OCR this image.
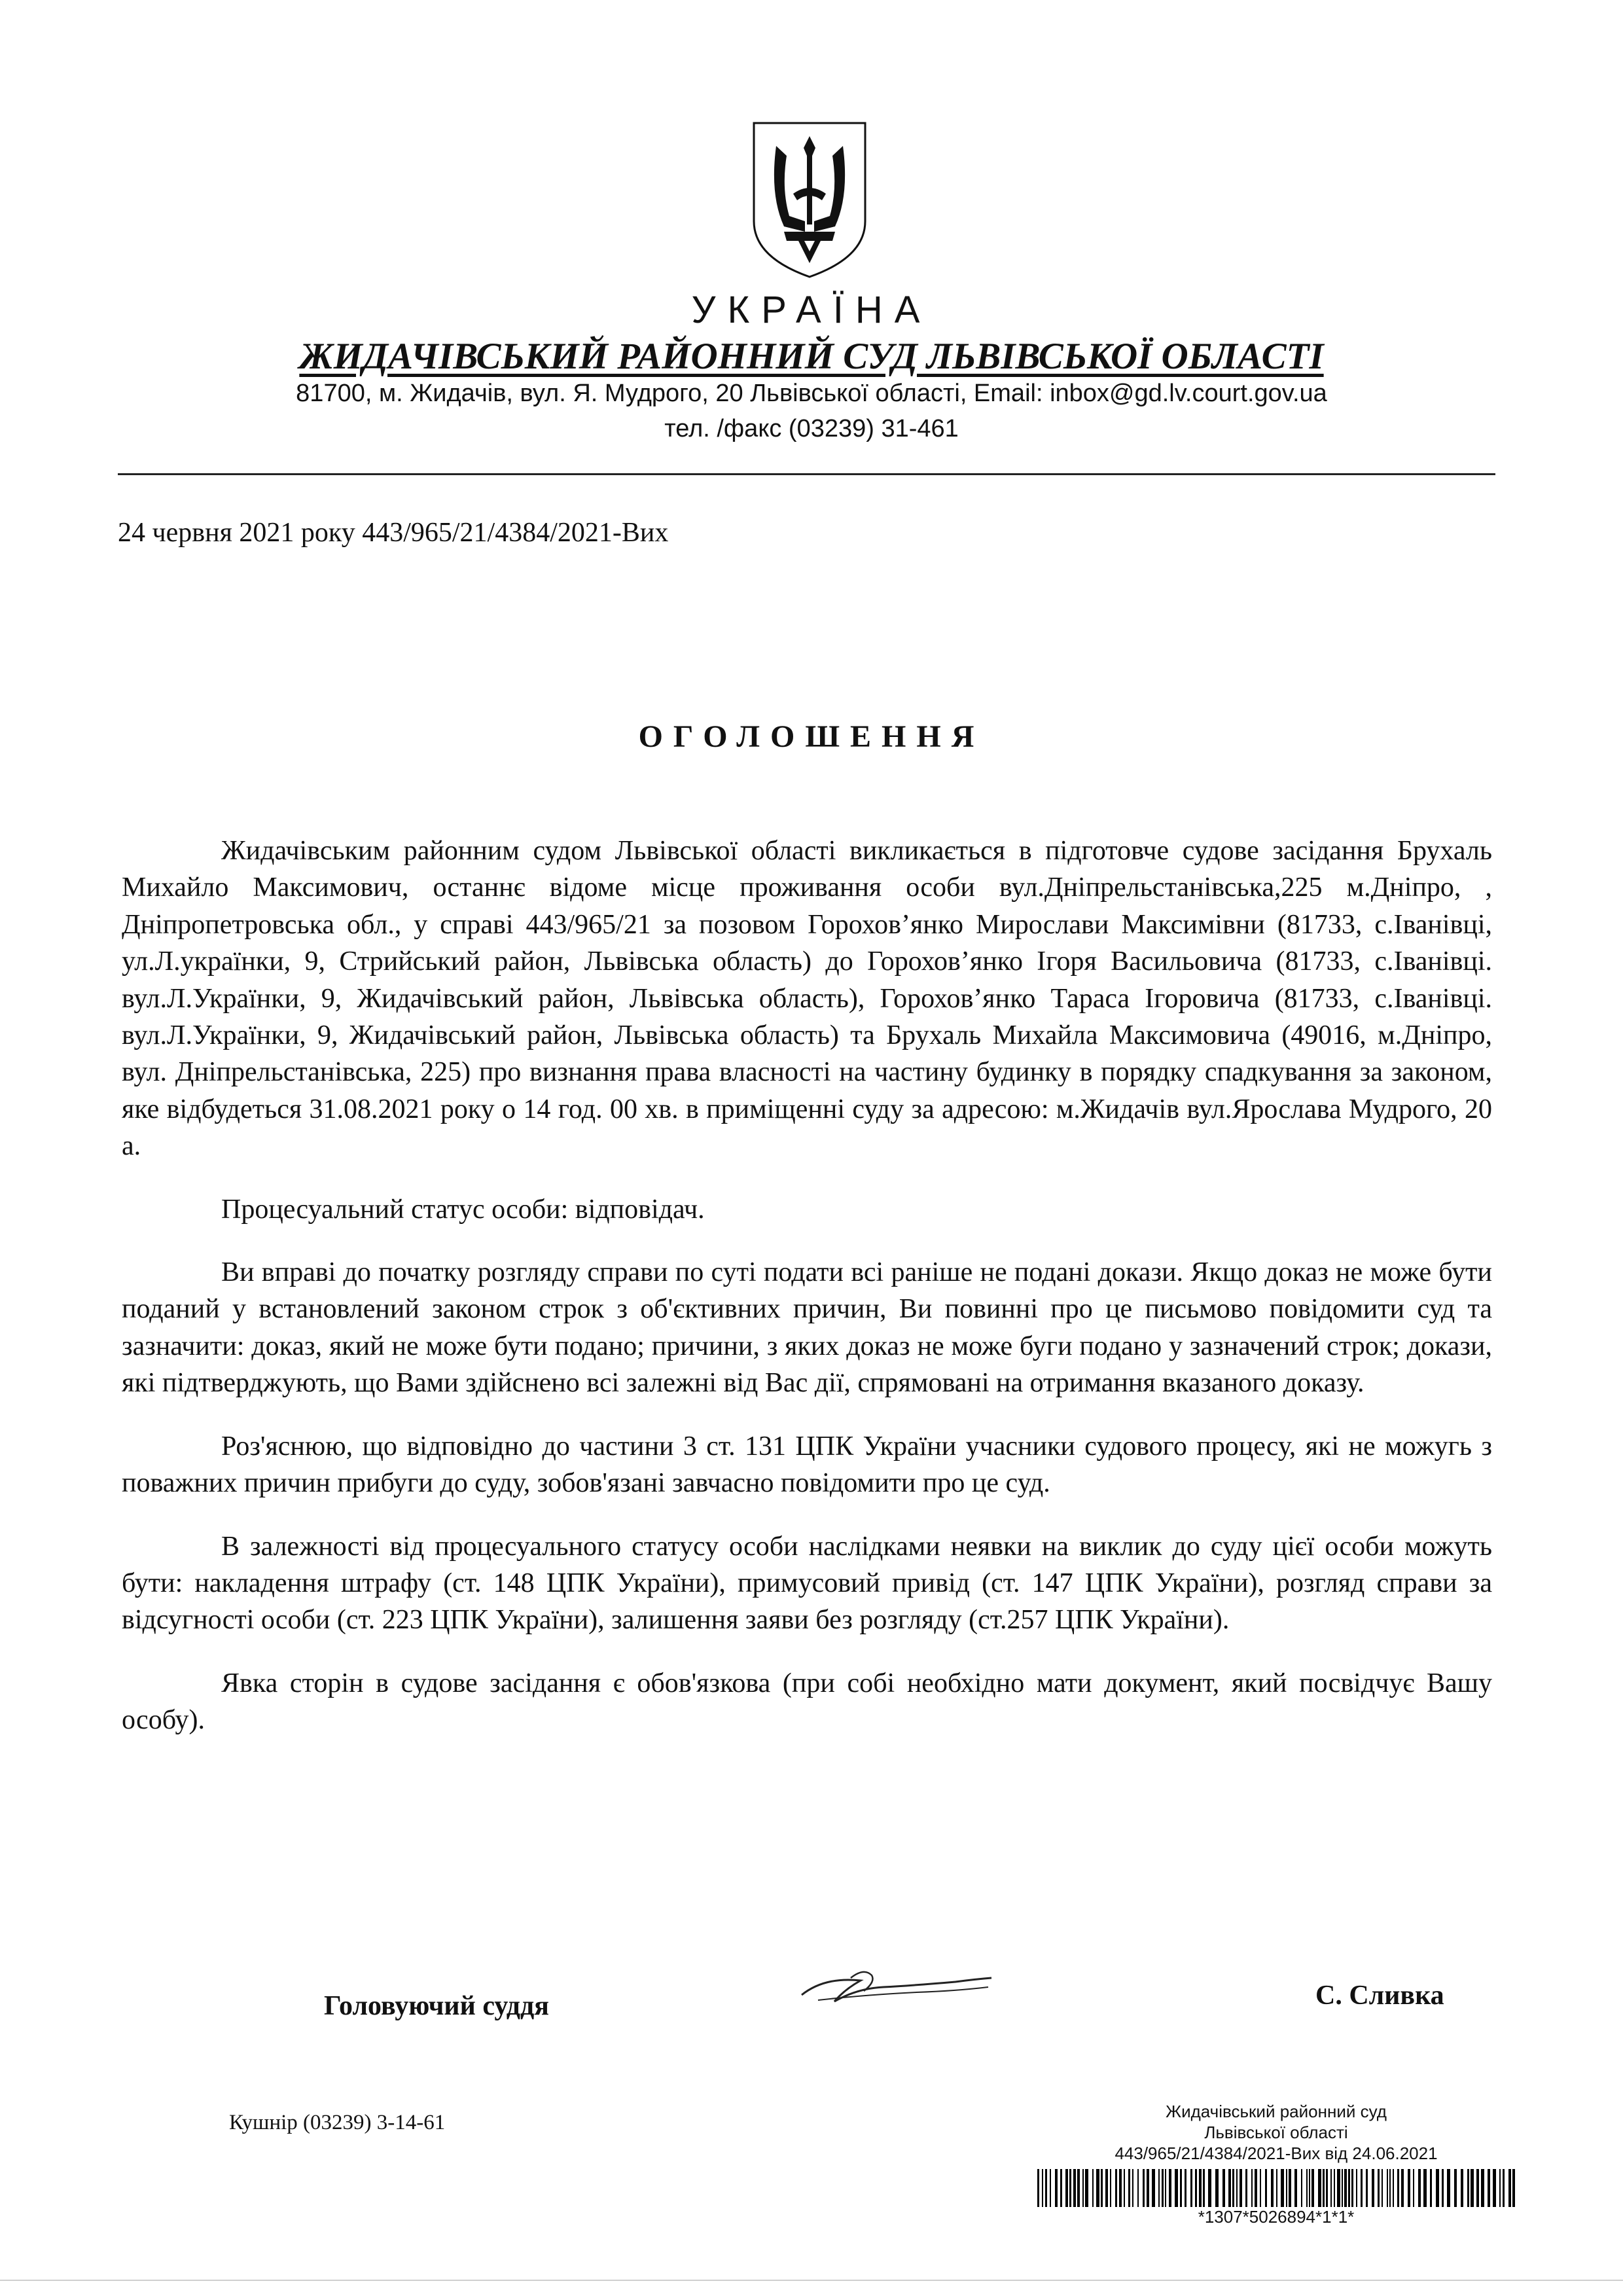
УКРАЇНА
ЖИДАЧІВСЬКИЙ РАЙОННИЙ СУД ЛЬВІВСЬКОЇ ОБЛАСТІ
81700, м. Жидачів, вул. Я. Мудрого, 20 Львівської області, Email: inbox@gd.lv.court.gov.ua
тел. /факс (03239) 31-461
24 червня 2021 року 443/965/21/4384/2021-Вих
ОГОЛОШЕННЯ

Жидачівським районним судом Львівської області викликається в підготовче судове засідання Брухаль Михайло Максимович, останнє відоме місце проживання особи вул.Дніпрельстанівська,225 м.Дніпро, , Дніпропетровська обл., у справі 443/965/21 за позовом Горохов’янко Мирослави Максимівни (81733, с.Іванівці, ул.Л.українки, 9, Стрийський район, Львівська область) до Горохов’янко Ігоря Васильовича (81733, с.Іванівці. вул.Л.Українки, 9, Жидачівський район, Львівська область), Горохов’янко Тараса Ігоровича (81733, с.Іванівці. вул.Л.Українки, 9, Жидачівський район, Львівська область) та Брухаль Михайла Максимовича (49016, м.Дніпро, вул. Дніпрельстанівська, 225) про визнання права власності на частину будинку в порядку спадкування за законом, яке відбудеться 31.08.2021 року о 14 год. 00 хв. в приміщенні суду за адресою: м.Жидачів вул.Ярослава Мудрого, 20 а.

Процесуальний статус особи: відповідач.

Ви вправі до початку розгляду справи по суті подати всі раніше не подані докази. Якщо доказ не може бути поданий у встановлений законом строк з об'єктивних причин, Ви повинні про це письмово повідомити суд та зазначити: доказ, який не може бути подано; причини, з яких доказ не може буги подано у зазначений строк; докази, які підтверджують, що Вами здійснено всі залежні від Вас дії, спрямовані на отримання вказаного доказу.

Роз'яснюю, що відповідно до частини 3 ст. 131 ЦПК України учасники судового процесу, які не можугь з поважних причин прибуги до суду, зобов'язані завчасно повідомити про це суд.

В залежності від процесуального статусу особи наслідками неявки на виклик до суду цієї особи можуть бути: накладення штрафу (ст. 148 ЦПК України), примусовий привід (ст. 147 ЦПК України), розгляд справи за відсугності особи (ст. 223 ЦПК України), залишення заяви без розгляду (ст.257 ЦПК України).

Явка сторін в судове засідання є обов'язкова (при собі необхідно мати документ, який посвідчує Вашу особу).

Головуючий суддя	С. Сливка
Кушнір (03239) 3-14-61	Жидачівський районний суд
Львівської області
443/965/21/4384/2021-Вих від 24.06.2021
*1307*5026894*1*1*
